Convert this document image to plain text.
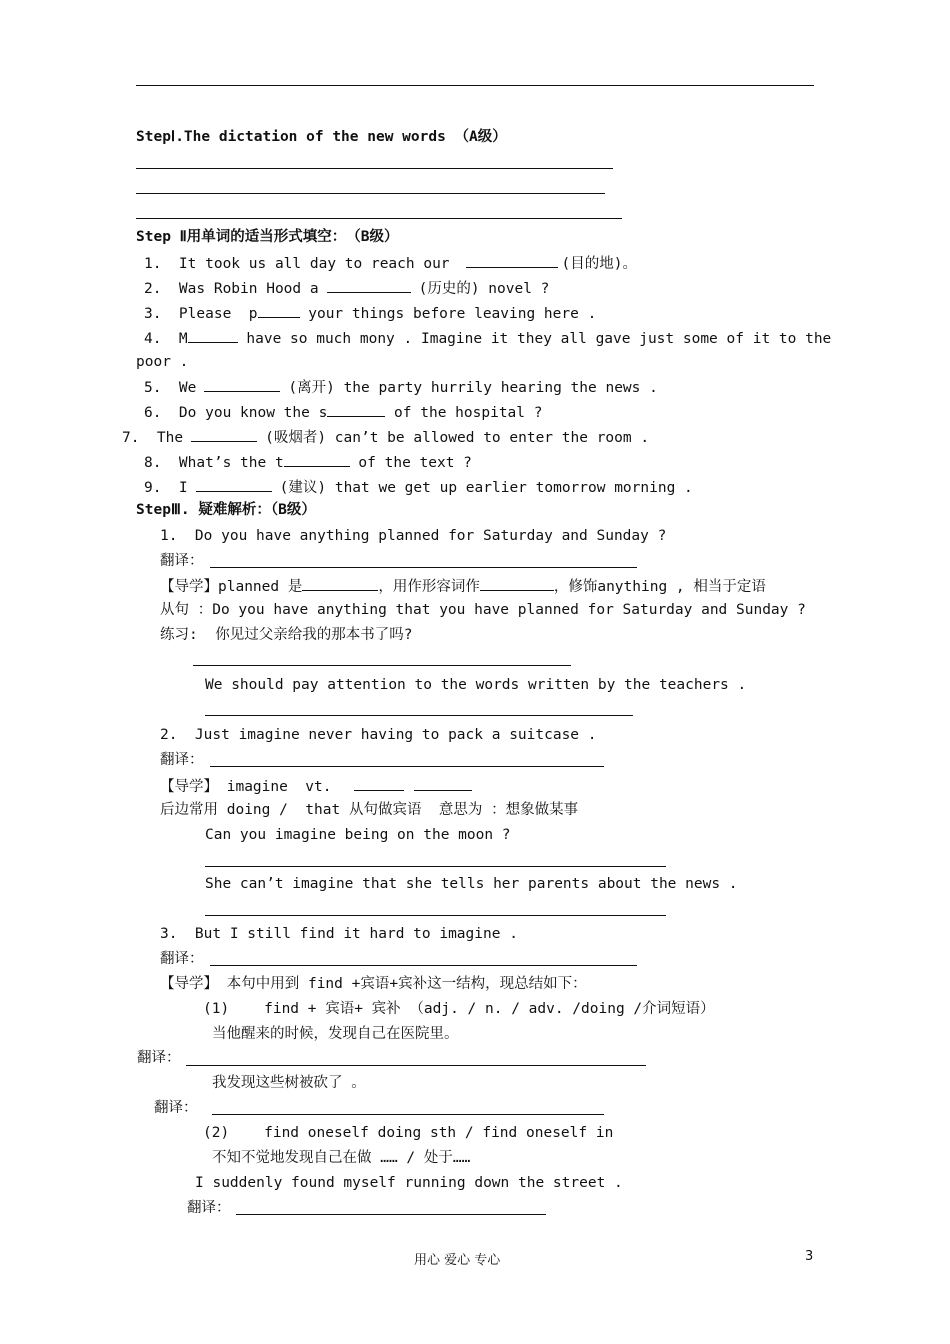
StepⅠ.The dictation of the new words （A级）
Step Ⅱ用单词的适当形式填空：　（B级）
1.  It took us all day to reach our	(目的地)。
2.  Was Robin Hood a	(历史的) novel ?
3.  Please  p	your things before leaving here .
4.  M	have so much mony . Imagine it they all gave just some of it to the
poor .
5.  We	(离开) the party hurrily hearing the news .
6.  Do you know the s	of the hospital ?
7.  The	(吸烟者) can’t be allowed to enter the room .
8.  What’s the t	of the text ?
9.  I	(建议) that we get up earlier tomorrow morning .
StepⅢ. 疑难解析：（B级）
1.  Do you have anything planned for Saturday and Sunday ?
翻译：
【导学】planned 是	，用作形容词作	，修饰anything , 相当于定语
从句 ：Do you have anything that you have planned for Saturday and Sunday ?
练习:  你见过父亲给我的那本书了吗?
We should pay attention to the words written by the teachers .
2.  Just imagine never having to pack a suitcase .
翻译：
【导学】 imagine  vt.
后边常用 doing /  that 从句做宾语  意思为 ：想象做某事
Can you imagine being on the moon ?
She can’t imagine that she tells her parents about the news .
3.  But I still find it hard to imagine .
翻译：
【导学】 本句中用到 find +宾语+宾补这一结构，现总结如下：
(1)    find + 宾语+ 宾补 （adj. / n. / adv. /doing /介词短语）
当他醒来的时候，发现自己在医院里。
翻译：
我发现这些树被砍了 。
翻译：
(2)    find oneself doing sth / find oneself in
不知不觉地发现自己在做 …… / 处于……
I suddenly found myself running down the street .
翻译：
用心 爱心 专心	3
